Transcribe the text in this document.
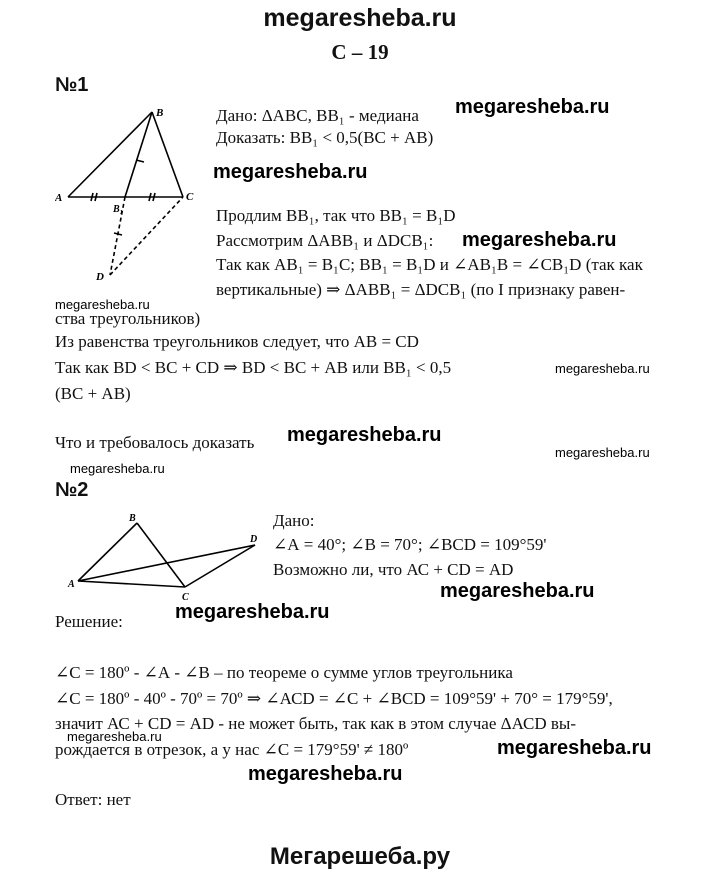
megaresheba.ru
С – 19
№1
A
B
C
D
B₁
Дано: ΔАВС, ВВ₁ - медиана megaresheba.ru
Доказать: ВВ₁ < 0,5(ВС + АВ)
megaresheba.ru
Продлим ВВ₁, так что ВВ₁ = В₁D
Рассмотрим ΔАВВ₁ и ΔDСВ₁: megaresheba.ru
Так как АВ₁ = В₁С; ВВ₁ = В₁D и ∠АВ₁В = ∠СВ₁D (так как
вертикальные) ⇒ ΔАВВ₁ = ΔDСВ₁ (по I признаку равен-
megaresheba.ru
ства треугольников)
Из равенства треугольников следует, что АВ = СD
Так как ВD < ВС + СD ⇒ ВD < ВС + АВ или ВВ₁ < 0,5	megaresheba.ru
(ВС + АВ)
Что и требовалось доказать megaresheba.ru
megaresheba.ru
megaresheba.ru
№2
A
B
C
D
Дано:
∠А = 40°; ∠В = 70°; ∠ВСD = 109°59'
Возможно ли, что АС + СD = АD
megaresheba.ru
megaresheba.ru
Решение:
∠С = 180º - ∠А - ∠В – по теореме о сумме углов треугольника
∠С = 180º - 40º - 70º = 70º ⇒ ∠АСD = ∠С + ∠ВСD = 109°59' + 70° = 179°59',
значит АС + СD = АD - не может быть, так как в этом случае ΔАСD вы-
megaresheba.ru
рождается в отрезок, а у нас ∠С = 179°59' ≠ 180º	megaresheba.ru
megaresheba.ru
Ответ: нет
Мегарешеба.ру
